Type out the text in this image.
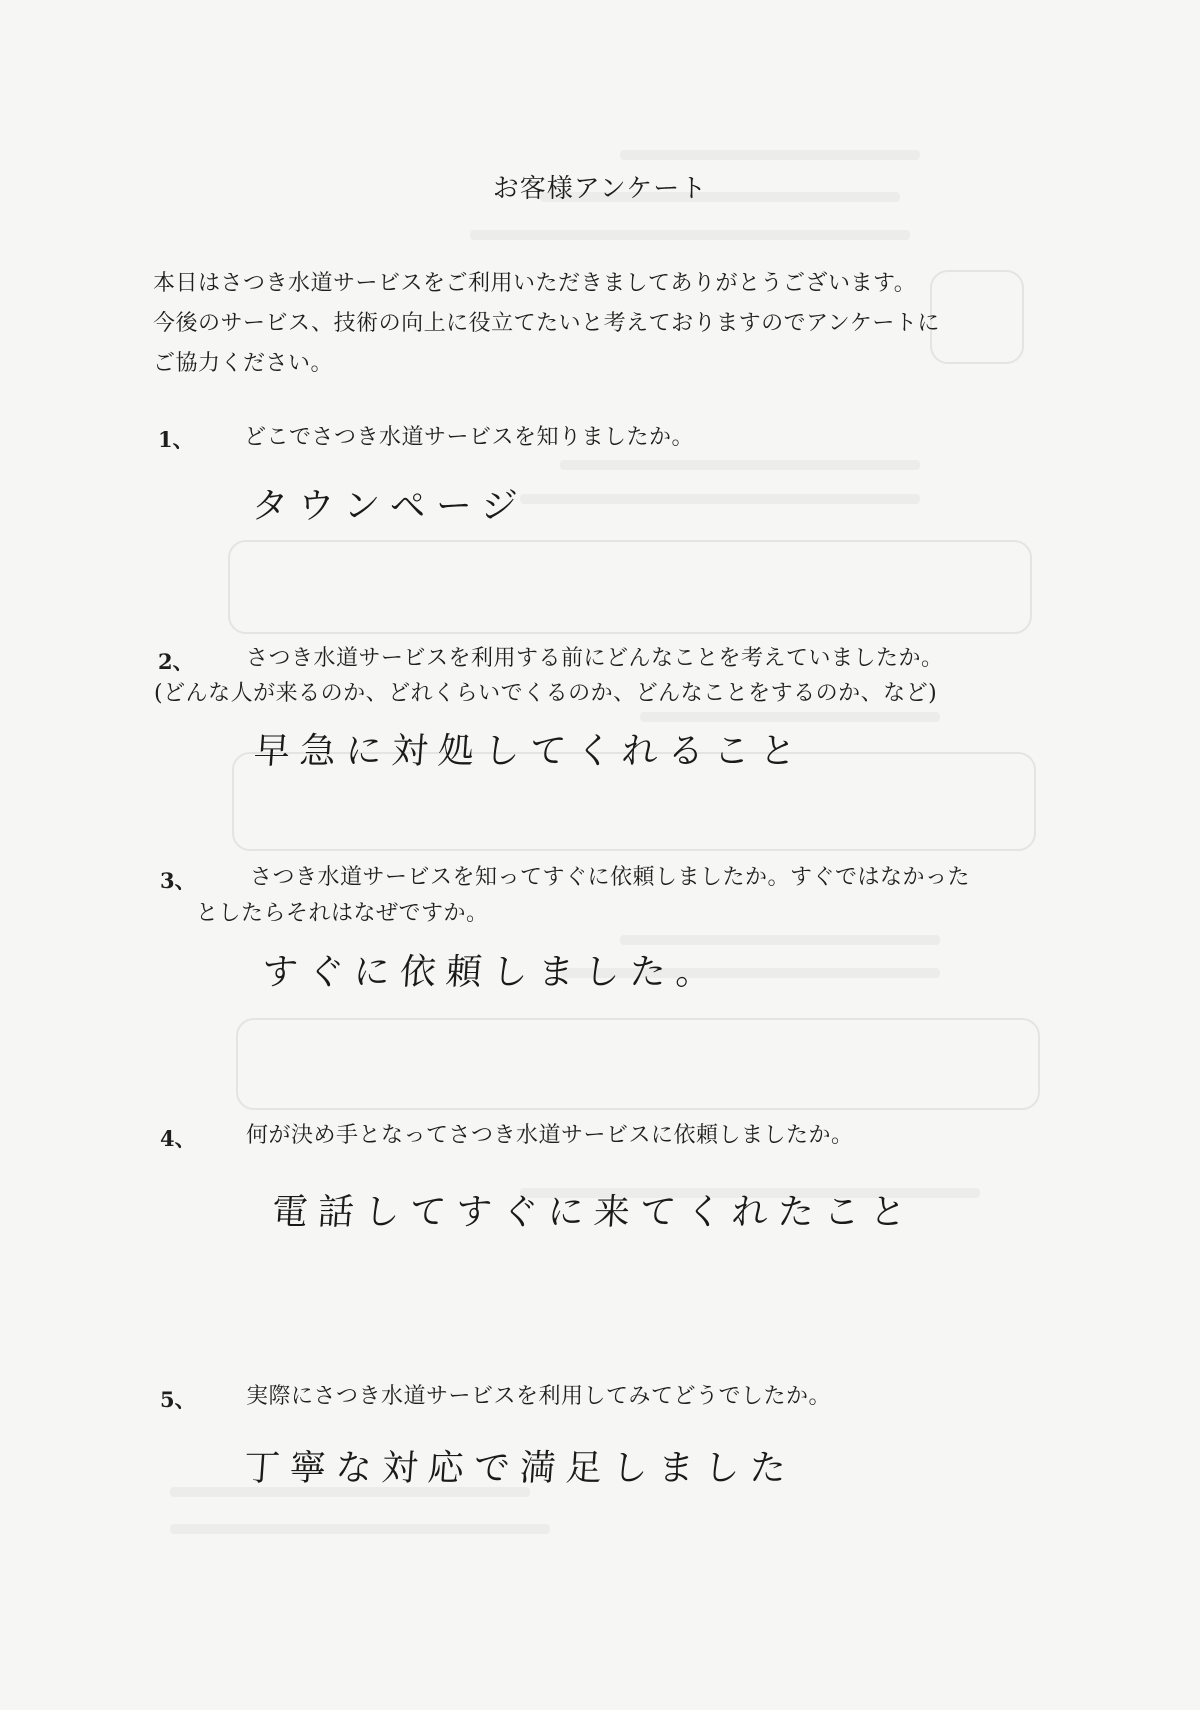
お客様アンケート
本日はさつき水道サービスをご利用いただきましてありがとうございます。
今後のサービス、技術の向上に役立てたいと考えておりますのでアンケートに
ご協力ください。
1、 どこでさつき水道サービスを知りましたか。
タウンページ
2、 さつき水道サービスを利用する前にどんなことを考えていましたか。
(どんな人が来るのか、どれくらいでくるのか、どんなことをするのか、など)
早急に対処してくれること
3、 さつき水道サービスを知ってすぐに依頼しましたか。すぐではなかった
としたらそれはなぜですか。
すぐに依頼しました。
4、 何が決め手となってさつき水道サービスに依頼しましたか。
電話してすぐに来てくれたこと
5、 実際にさつき水道サービスを利用してみてどうでしたか。
丁寧な対応で満足しました
